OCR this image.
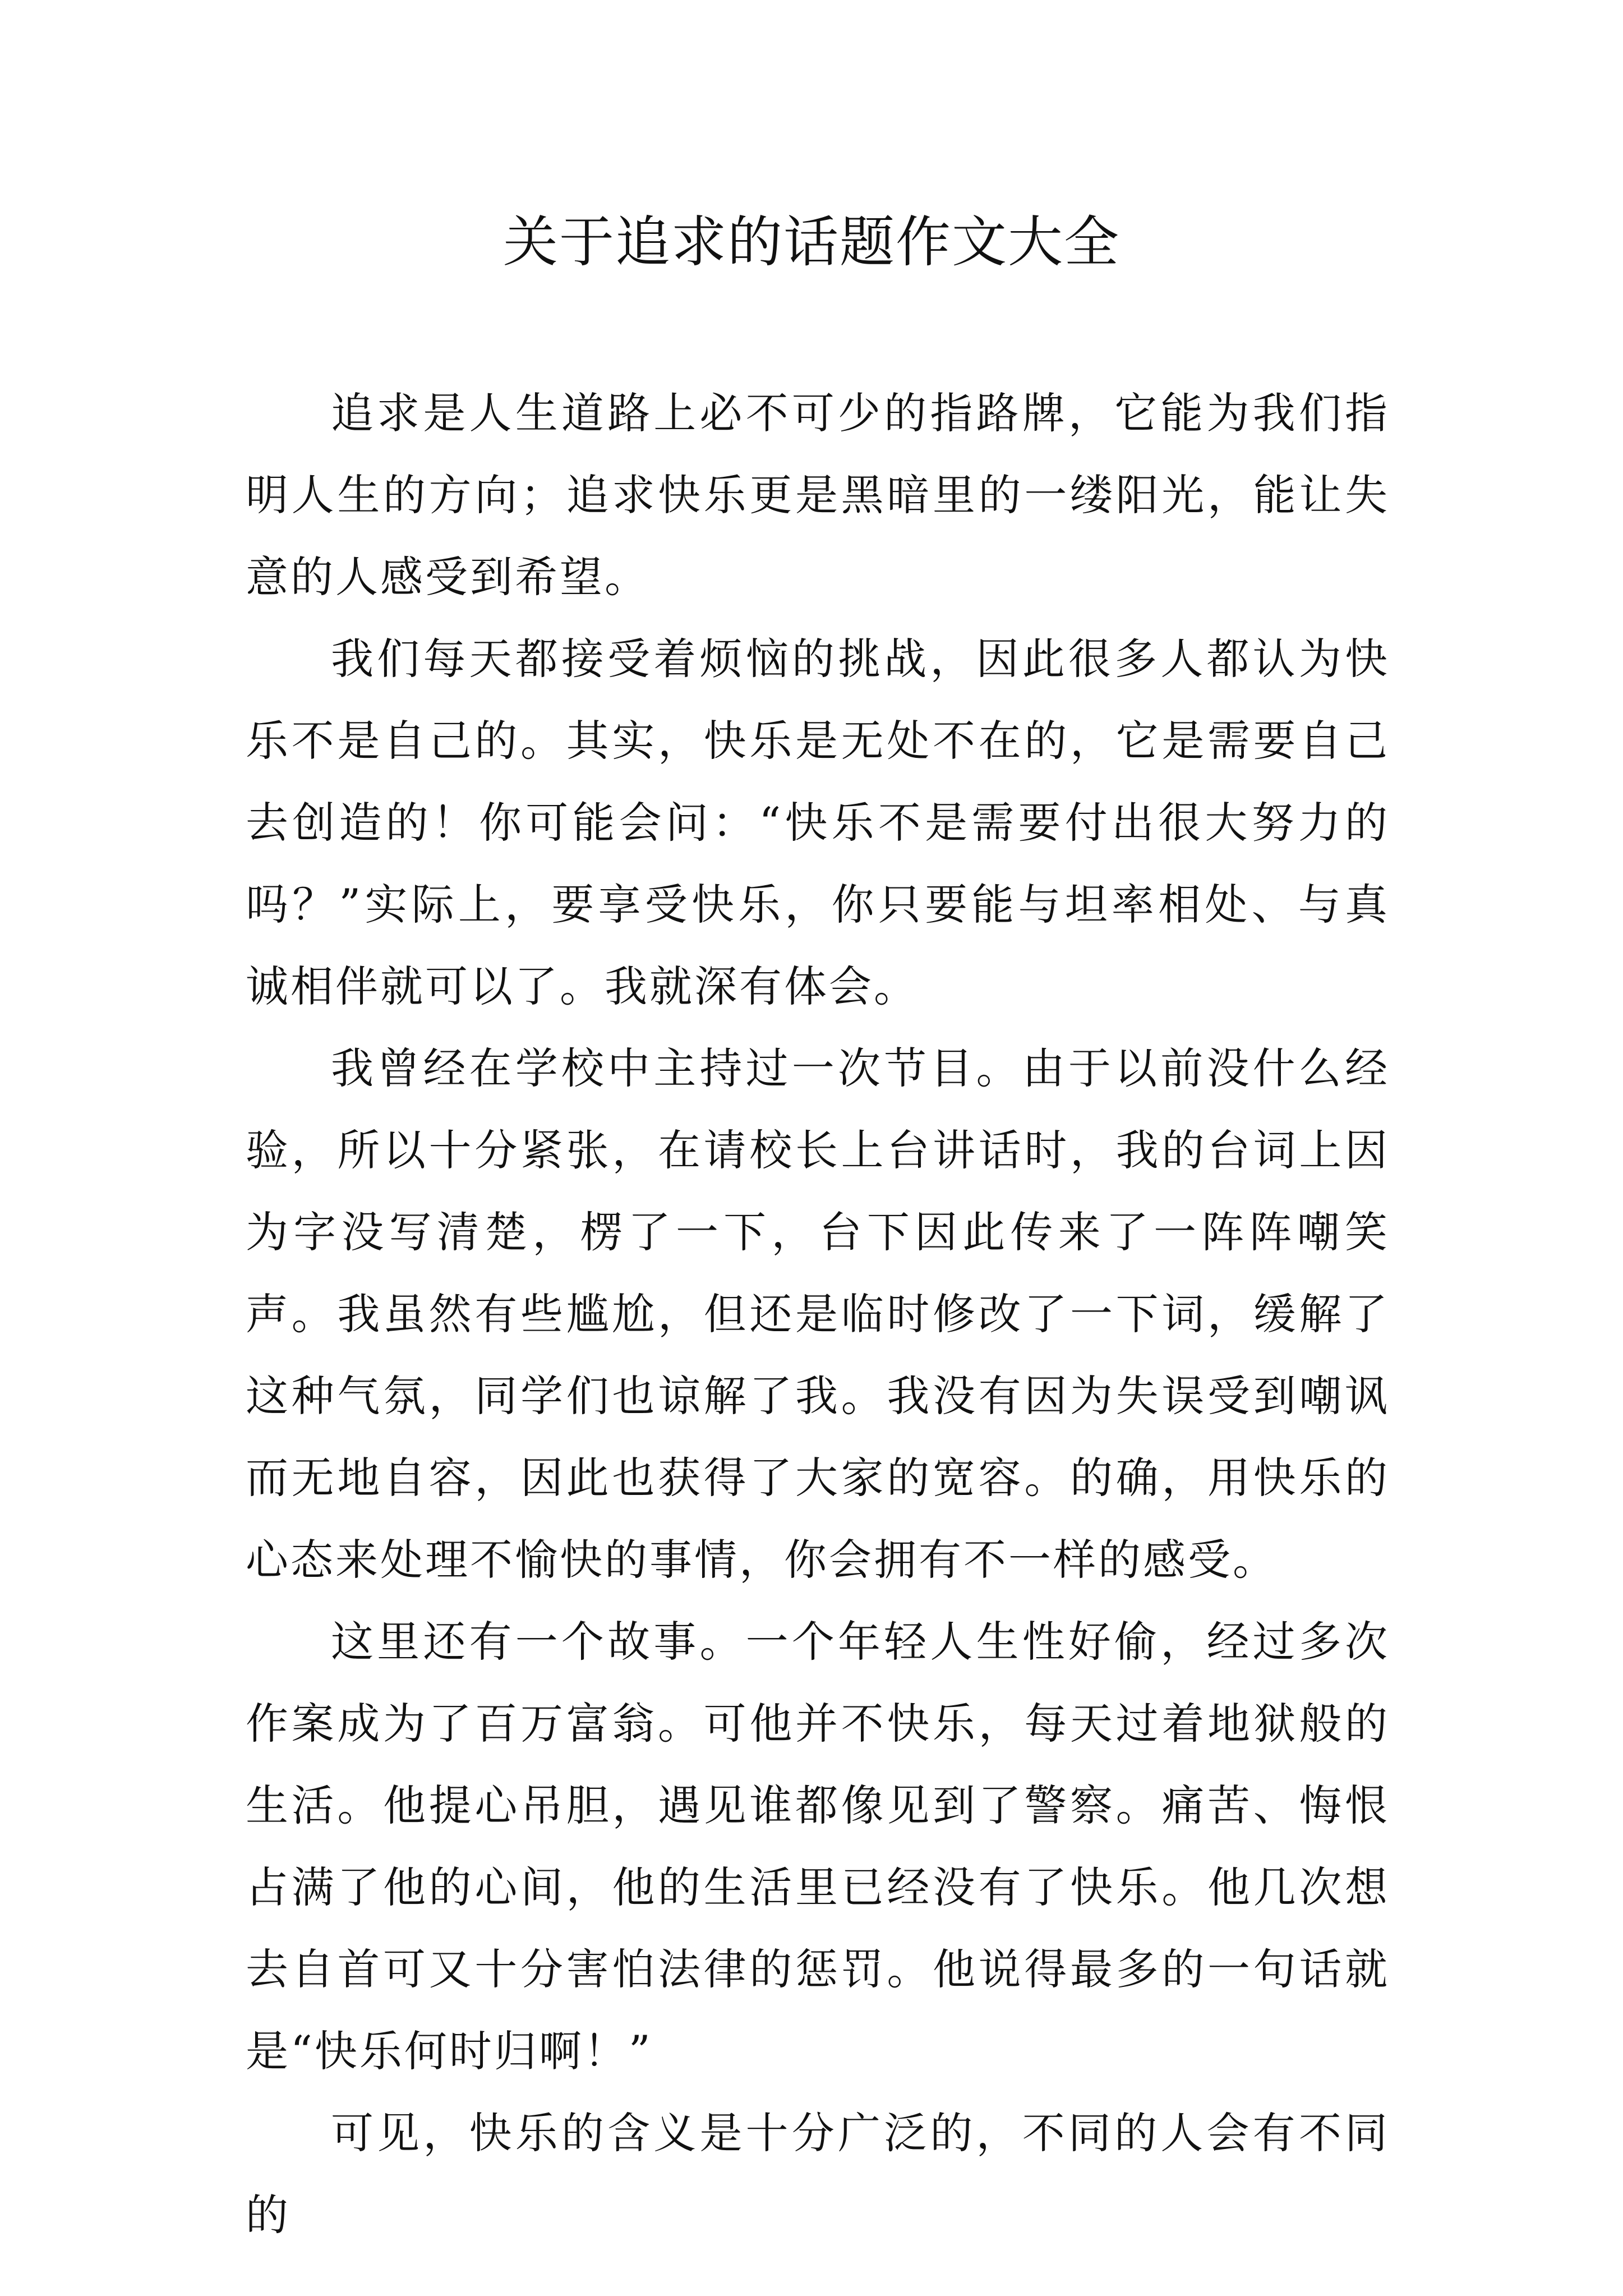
关于追求的话题作文大全

追求是人生道路上必不可少的指路牌，它能为我们指明人生的方向；追求快乐更是黑暗里的一缕阳光，能让失意的人感受到希望。

我们每天都接受着烦恼的挑战，因此很多人都认为快乐不是自己的。其实，快乐是无处不在的，它是需要自己去创造的！你可能会问：“快乐不是需要付出很大努力的吗？”实际上，要享受快乐，你只要能与坦率相处、与真诚相伴就可以了。我就深有体会。

我曾经在学校中主持过一次节目。由于以前没什么经验，所以十分紧张，在请校长上台讲话时，我的台词上因为字没写清楚，楞了一下，台下因此传来了一阵阵嘲笑声。我虽然有些尴尬，但还是临时修改了一下词，缓解了这种气氛，同学们也谅解了我。我没有因为失误受到嘲讽而无地自容，因此也获得了大家的宽容。的确，用快乐的心态来处理不愉快的事情，你会拥有不一样的感受。

这里还有一个故事。一个年轻人生性好偷，经过多次作案成为了百万富翁。可他并不快乐，每天过着地狱般的生活。他提心吊胆，遇见谁都像见到了警察。痛苦、悔恨占满了他的心间，他的生活里已经没有了快乐。他几次想去自首可又十分害怕法律的惩罚。他说得最多的一句话就是“快乐何时归啊！”

可见，快乐的含义是十分广泛的，不同的人会有不同的
